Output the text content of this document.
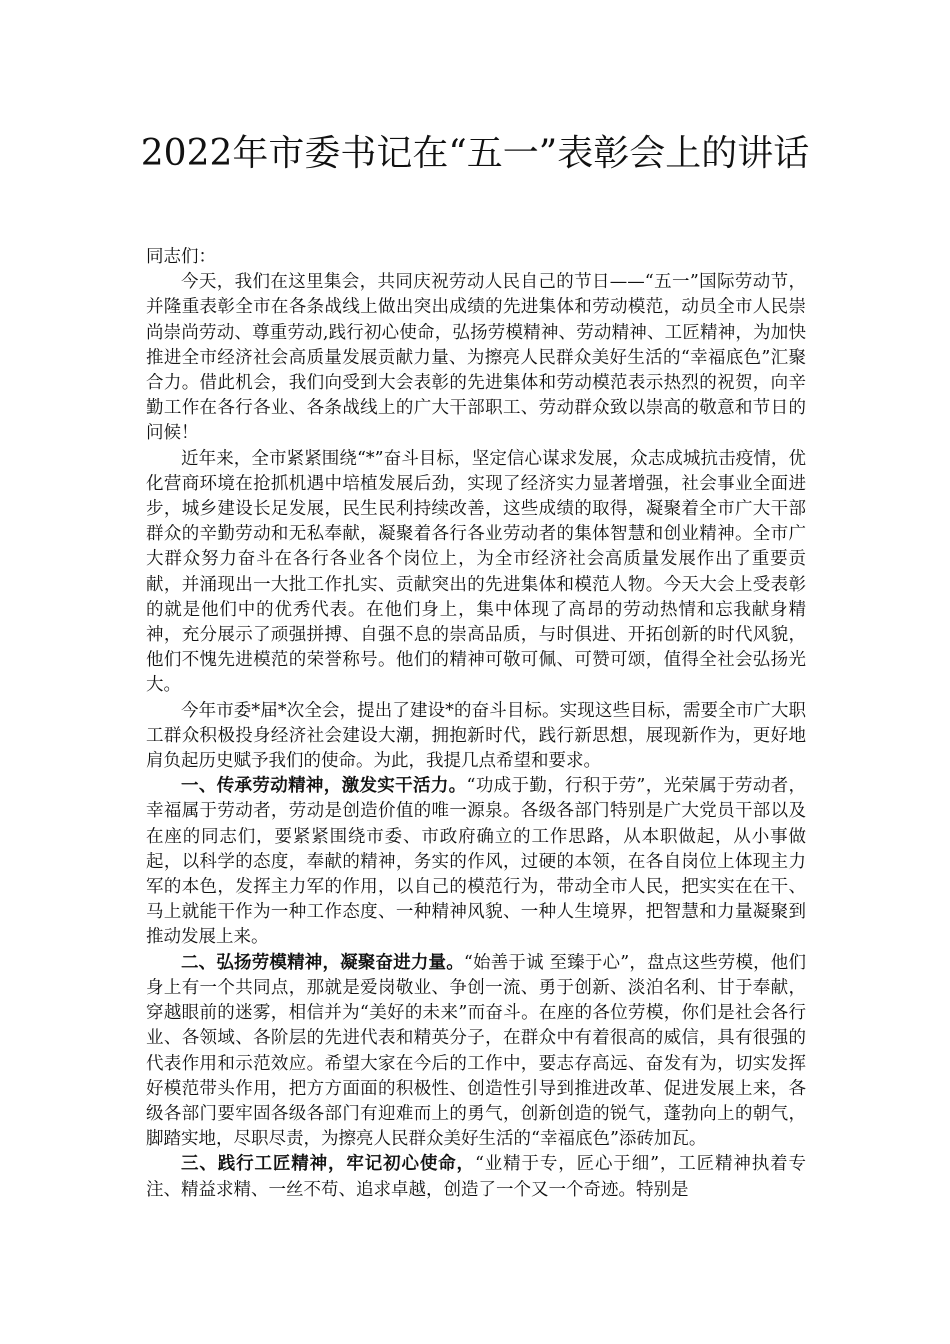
2022年市委书记在“五一”表彰会上的讲话

同志们：

今天，我们在这里集会，共同庆祝劳动人民自己的节日——“五一”国际劳动节，并隆重表彰全市在各条战线上做出突出成绩的先进集体和劳动模范，动员全市人民崇尚崇尚劳动、尊重劳动,践行初心使命，弘扬劳模精神、劳动精神、工匠精神，为加快推进全市经济社会高质量发展贡献力量、为擦亮人民群众美好生活的“幸福底色”汇聚合力。借此机会，我们向受到大会表彰的先进集体和劳动模范表示热烈的祝贺，向辛勤工作在各行各业、各条战线上的广大干部职工、劳动群众致以崇高的敬意和节日的问候！

近年来，全市紧紧围绕“*”奋斗目标，坚定信心谋求发展，众志成城抗击疫情，优化营商环境在抢抓机遇中培植发展后劲，实现了经济实力显著增强，社会事业全面进步，城乡建设长足发展，民生民利持续改善，这些成绩的取得，凝聚着全市广大干部群众的辛勤劳动和无私奉献，凝聚着各行各业劳动者的集体智慧和创业精神。全市广大群众努力奋斗在各行各业各个岗位上，为全市经济社会高质量发展作出了重要贡献，并涌现出一大批工作扎实、贡献突出的先进集体和模范人物。今天大会上受表彰的就是他们中的优秀代表。在他们身上，集中体现了高昂的劳动热情和忘我献身精神，充分展示了顽强拼搏、自强不息的崇高品质，与时俱进、开拓创新的时代风貌，他们不愧先进模范的荣誉称号。他们的精神可敬可佩、可赞可颂，值得全社会弘扬光大。

今年市委*届*次全会，提出了建设*的奋斗目标。实现这些目标，需要全市广大职工群众积极投身经济社会建设大潮，拥抱新时代，践行新思想，展现新作为，更好地肩负起历史赋予我们的使命。为此，我提几点希望和要求。

一、传承劳动精神，激发实干活力。“功成于勤，行积于劳”，光荣属于劳动者，幸福属于劳动者，劳动是创造价值的唯一源泉。各级各部门特别是广大党员干部以及在座的同志们，要紧紧围绕市委、市政府确立的工作思路，从本职做起，从小事做起，以科学的态度，奉献的精神，务实的作风，过硬的本领，在各自岗位上体现主力军的本色，发挥主力军的作用，以自己的模范行为，带动全市人民，把实实在在干、马上就能干作为一种工作态度、一种精神风貌、一种人生境界，把智慧和力量凝聚到推动发展上来。

二、弘扬劳模精神，凝聚奋进力量。“始善于诚 至臻于心”，盘点这些劳模，他们身上有一个共同点，那就是爱岗敬业、争创一流、勇于创新、淡泊名利、甘于奉献，穿越眼前的迷雾，相信并为“美好的未来”而奋斗。在座的各位劳模，你们是社会各行业、各领域、各阶层的先进代表和精英分子，在群众中有着很高的威信，具有很强的代表作用和示范效应。希望大家在今后的工作中，要志存高远、奋发有为，切实发挥好模范带头作用，把方方面面的积极性、创造性引导到推进改革、促进发展上来，各级各部门要牢固各级各部门有迎难而上的勇气，创新创造的锐气，蓬勃向上的朝气，脚踏实地，尽职尽责，为擦亮人民群众美好生活的“幸福底色”添砖加瓦。

三、践行工匠精神，牢记初心使命，“业精于专，匠心于细”，工匠精神执着专注、精益求精、一丝不苟、追求卓越，创造了一个又一个奇迹。特别是
